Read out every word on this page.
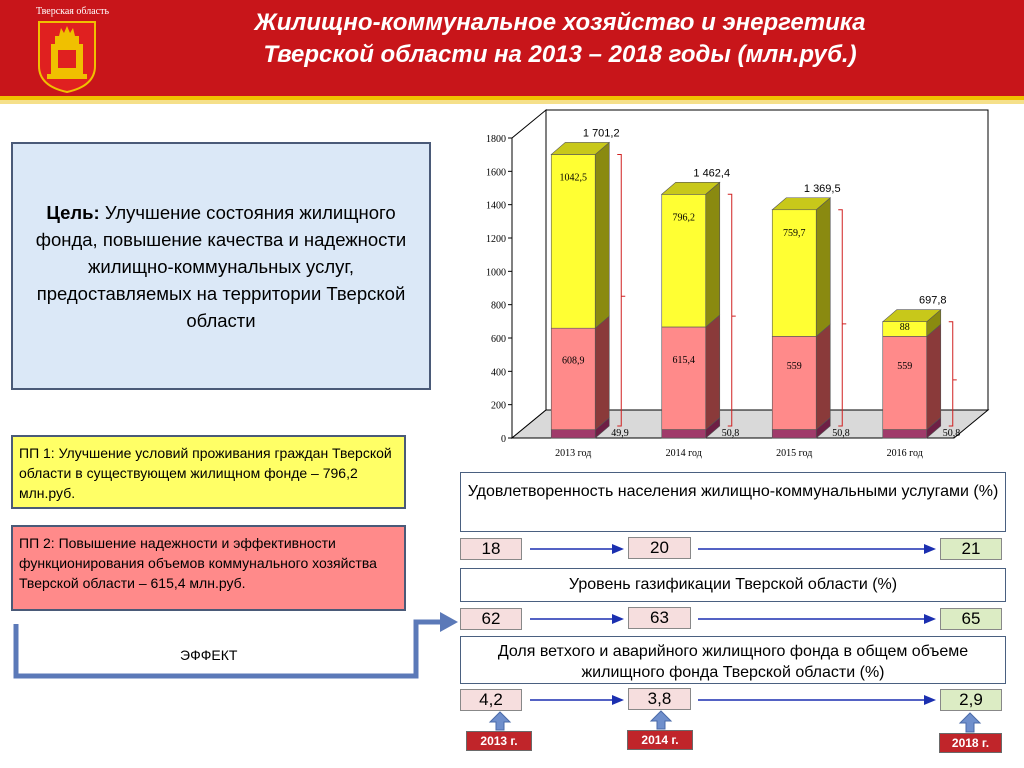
Тверская область	Жилищно-коммунальное хозяйство и энергетика
Тверской области на 2013 – 2018 годы (млн.руб.)
Цель: Улучшение состояния жилищного фонда, повышение качества и надежности жилищно-коммунальных услуг, предоставляемых на территории Тверской области
0
200
400
600
800
1000
1200
1400
1600
1800
49,9
608,9
1042,5
1 701,2
2013 год
50,8
615,4
796,2
1 462,4
2014 год
50,8
559
759,7
1 369,5
2015 год
50,8
559
88
697,8
2016 год
ПП 1: Улучшение условий проживания граждан Тверской области в существующем жилищном фонде – 796,2 млн.руб.
ПП 2: Повышение надежности и эффективности функционирования объемов коммунального хозяйства Тверской области – 615,4 млн.руб.
ЭФФЕКТ
Удовлетворенность населения жилищно-коммунальными услугами (%)
18	20	21
Уровень газификации Тверской области (%)
62	63	65
Доля ветхого и аварийного жилищного фонда в общем объеме жилищного фонда Тверской области (%)
4,2	3,8	2,9
2013 г.	2014 г.	2018 г.
